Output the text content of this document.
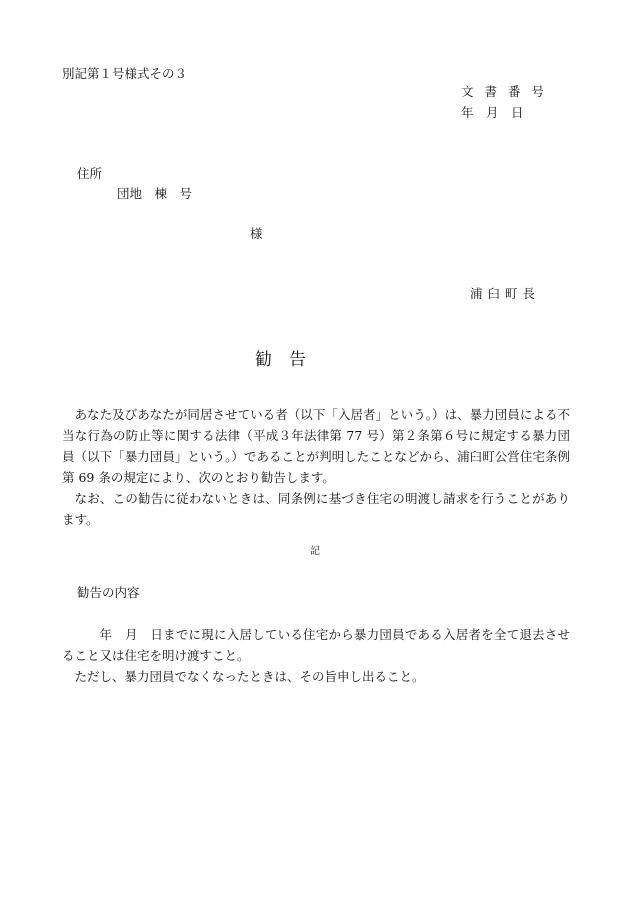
別記第１号様式その３
文書番号
年　月　日
住所
団地　棟　号
様
浦臼町長
勧　告

あなた及びあなたが同居させている者（以下「入居者」という。）は、暴力団員による不当な行為の防止等に関する法律（平成３年法律第 77 号）第２条第６号に規定する暴力団員（以下「暴力団員」という。）であることが判明したことなどから、浦臼町公営住宅条例第 69 条の規定により、次のとおり勧告します。

なお、この勧告に従わないときは、同条例に基づき住宅の明渡し請求を行うことがあります。

記
勧告の内容

年　月　日までに現に入居している住宅から暴力団員である入居者を全て退去させること又は住宅を明け渡すこと。

ただし、暴力団員でなくなったときは、その旨申し出ること。
